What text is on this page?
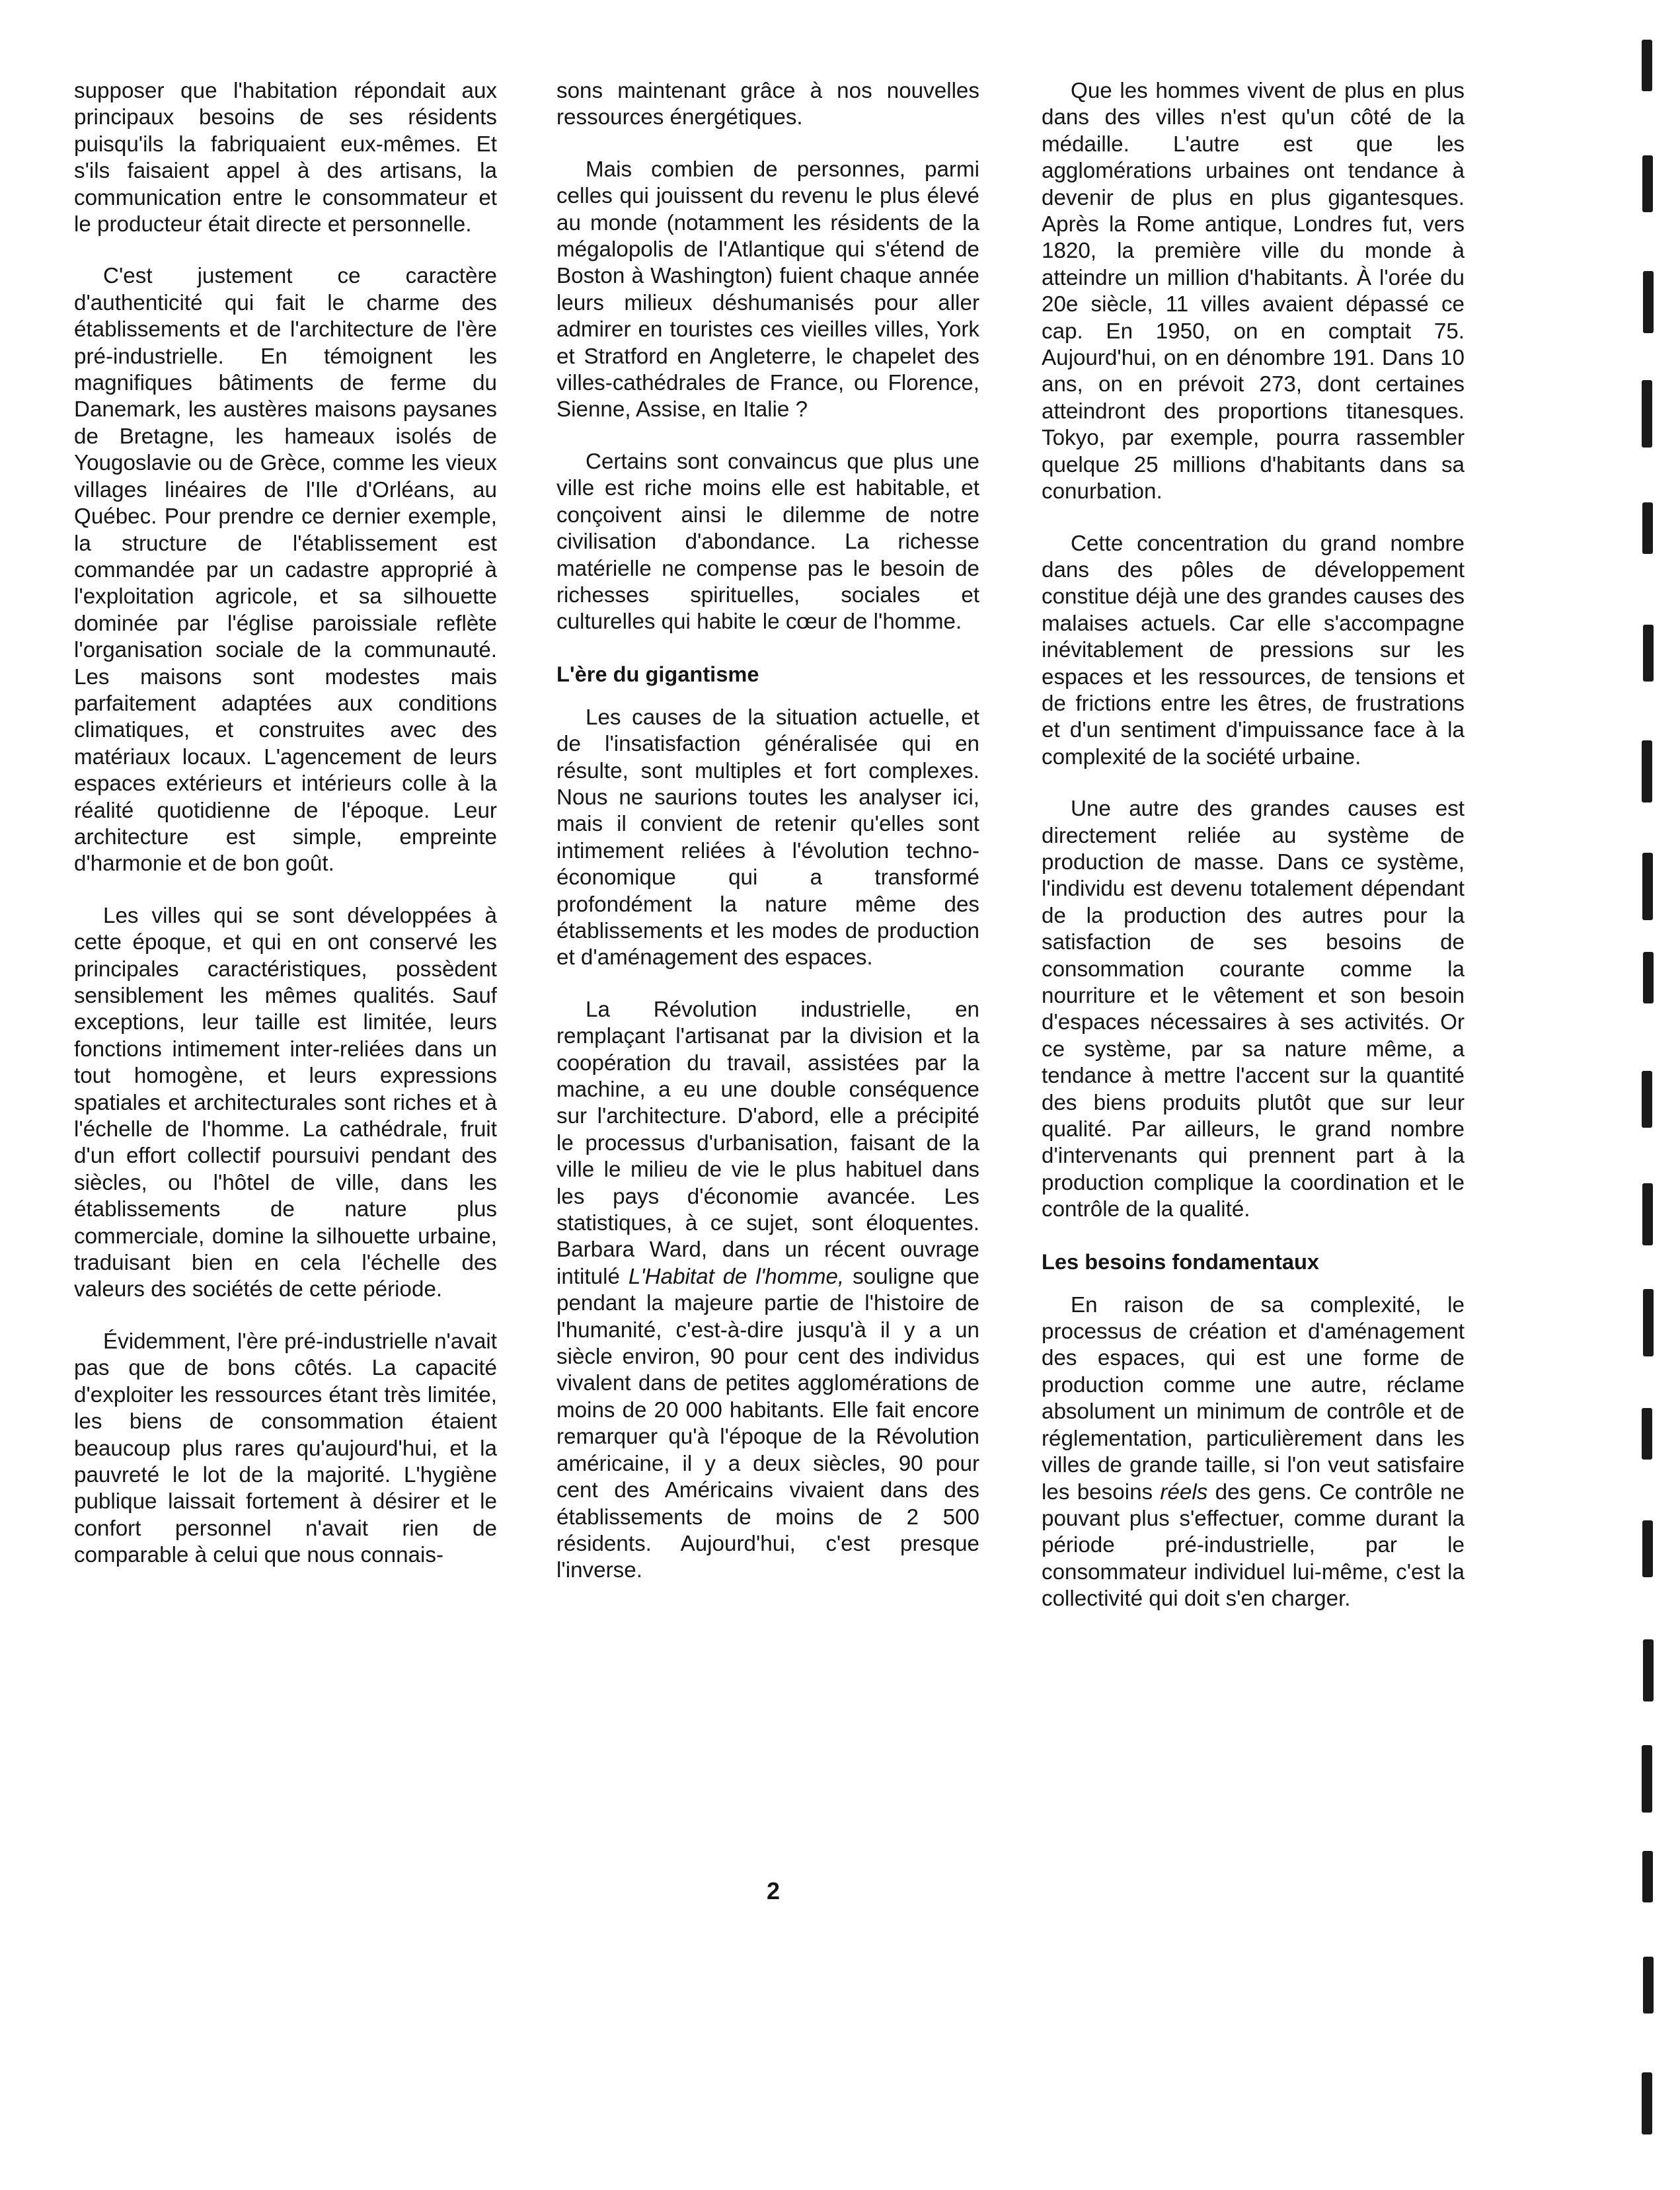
supposer que l'habitation répondait aux principaux besoins de ses résidents puisqu'ils la fabriquaient eux-mêmes. Et s'ils faisaient appel à des artisans, la communication entre le consommateur et le producteur était directe et personnelle.

C'est justement ce caractère d'authenticité qui fait le charme des établissements et de l'architecture de l'ère pré-industrielle. En témoignent les magnifiques bâtiments de ferme du Danemark, les austères maisons paysanes de Bretagne, les hameaux isolés de Yougoslavie ou de Grèce, comme les vieux villages linéaires de l'Ile d'Orléans, au Québec. Pour prendre ce dernier exemple, la structure de l'établissement est commandée par un cadastre approprié à l'exploitation agricole, et sa silhouette dominée par l'église paroissiale reflète l'organisation sociale de la communauté. Les maisons sont modestes mais parfaitement adaptées aux conditions climatiques, et construites avec des matériaux locaux. L'agencement de leurs espaces extérieurs et intérieurs colle à la réalité quotidienne de l'époque. Leur architecture est simple, empreinte d'harmonie et de bon goût.

Les villes qui se sont développées à cette époque, et qui en ont conservé les principales caractéristiques, possèdent sensiblement les mêmes qualités. Sauf exceptions, leur taille est limitée, leurs fonctions intimement inter-reliées dans un tout homogène, et leurs expressions spatiales et architecturales sont riches et à l'échelle de l'homme. La cathédrale, fruit d'un effort collectif poursuivi pendant des siècles, ou l'hôtel de ville, dans les établissements de nature plus commerciale, domine la silhouette urbaine, traduisant bien en cela l'échelle des valeurs des sociétés de cette période.

Évidemment, l'ère pré-industrielle n'avait pas que de bons côtés. La capacité d'exploiter les ressources étant très limitée, les biens de consommation étaient beaucoup plus rares qu'aujourd'hui, et la pauvreté le lot de la majorité. L'hygiène publique laissait fortement à désirer et le confort personnel n'avait rien de comparable à celui que nous connais-

sons maintenant grâce à nos nouvelles ressources énergétiques.

Mais combien de personnes, parmi celles qui jouissent du revenu le plus élevé au monde (notamment les résidents de la mégalopolis de l'Atlantique qui s'étend de Boston à Washington) fuient chaque année leurs milieux déshumanisés pour aller admirer en touristes ces vieilles villes, York et Stratford en Angleterre, le chapelet des villes-cathédrales de France, ou Florence, Sienne, Assise, en Italie ?

Certains sont convaincus que plus une ville est riche moins elle est habitable, et conçoivent ainsi le dilemme de notre civilisation d'abondance. La richesse matérielle ne compense pas le besoin de richesses spirituelles, sociales et culturelles qui habite le cœur de l'homme.

L'ère du gigantisme

Les causes de la situation actuelle, et de l'insatisfaction généralisée qui en résulte, sont multiples et fort complexes. Nous ne saurions toutes les analyser ici, mais il convient de retenir qu'elles sont intimement reliées à l'évolution techno-économique qui a transformé profondément la nature même des établissements et les modes de production et d'aménagement des espaces.

La Révolution industrielle, en remplaçant l'artisanat par la division et la coopération du travail, assistées par la machine, a eu une double conséquence sur l'architecture. D'abord, elle a précipité le processus d'urbanisation, faisant de la ville le milieu de vie le plus habituel dans les pays d'économie avancée. Les statistiques, à ce sujet, sont éloquentes. Barbara Ward, dans un récent ouvrage intitulé L'Habitat de l'homme, souligne que pendant la majeure partie de l'histoire de l'humanité, c'est-à-dire jusqu'à il y a un siècle environ, 90 pour cent des individus vivalent dans de petites agglomérations de moins de 20 000 habitants. Elle fait encore remarquer qu'à l'époque de la Révolution américaine, il y a deux siècles, 90 pour cent des Américains vivaient dans des établissements de moins de 2 500 résidents. Aujourd'hui, c'est presque l'inverse.

Que les hommes vivent de plus en plus dans des villes n'est qu'un côté de la médaille. L'autre est que les agglomérations urbaines ont tendance à devenir de plus en plus gigantesques. Après la Rome antique, Londres fut, vers 1820, la première ville du monde à atteindre un million d'habitants. À l'orée du 20e siècle, 11 villes avaient dépassé ce cap. En 1950, on en comptait 75. Aujourd'hui, on en dénombre 191. Dans 10 ans, on en prévoit 273, dont certaines atteindront des proportions titanesques. Tokyo, par exemple, pourra rassembler quelque 25 millions d'habitants dans sa conurbation.

Cette concentration du grand nombre dans des pôles de développement constitue déjà une des grandes causes des malaises actuels. Car elle s'accompagne inévitablement de pressions sur les espaces et les ressources, de tensions et de frictions entre les êtres, de frustrations et d'un sentiment d'impuissance face à la complexité de la société urbaine.

Une autre des grandes causes est directement reliée au système de production de masse. Dans ce système, l'individu est devenu totalement dépendant de la production des autres pour la satisfaction de ses besoins de consommation courante comme la nourriture et le vêtement et son besoin d'espaces nécessaires à ses activités. Or ce système, par sa nature même, a tendance à mettre l'accent sur la quantité des biens produits plutôt que sur leur qualité. Par ailleurs, le grand nombre d'intervenants qui prennent part à la production complique la coordination et le contrôle de la qualité.

Les besoins fondamentaux

En raison de sa complexité, le processus de création et d'aménagement des espaces, qui est une forme de production comme une autre, réclame absolument un minimum de contrôle et de réglementation, particulièrement dans les villes de grande taille, si l'on veut satisfaire les besoins réels des gens. Ce contrôle ne pouvant plus s'effectuer, comme durant la période pré-industrielle, par le consommateur individuel lui-même, c'est la collectivité qui doit s'en charger.

2
